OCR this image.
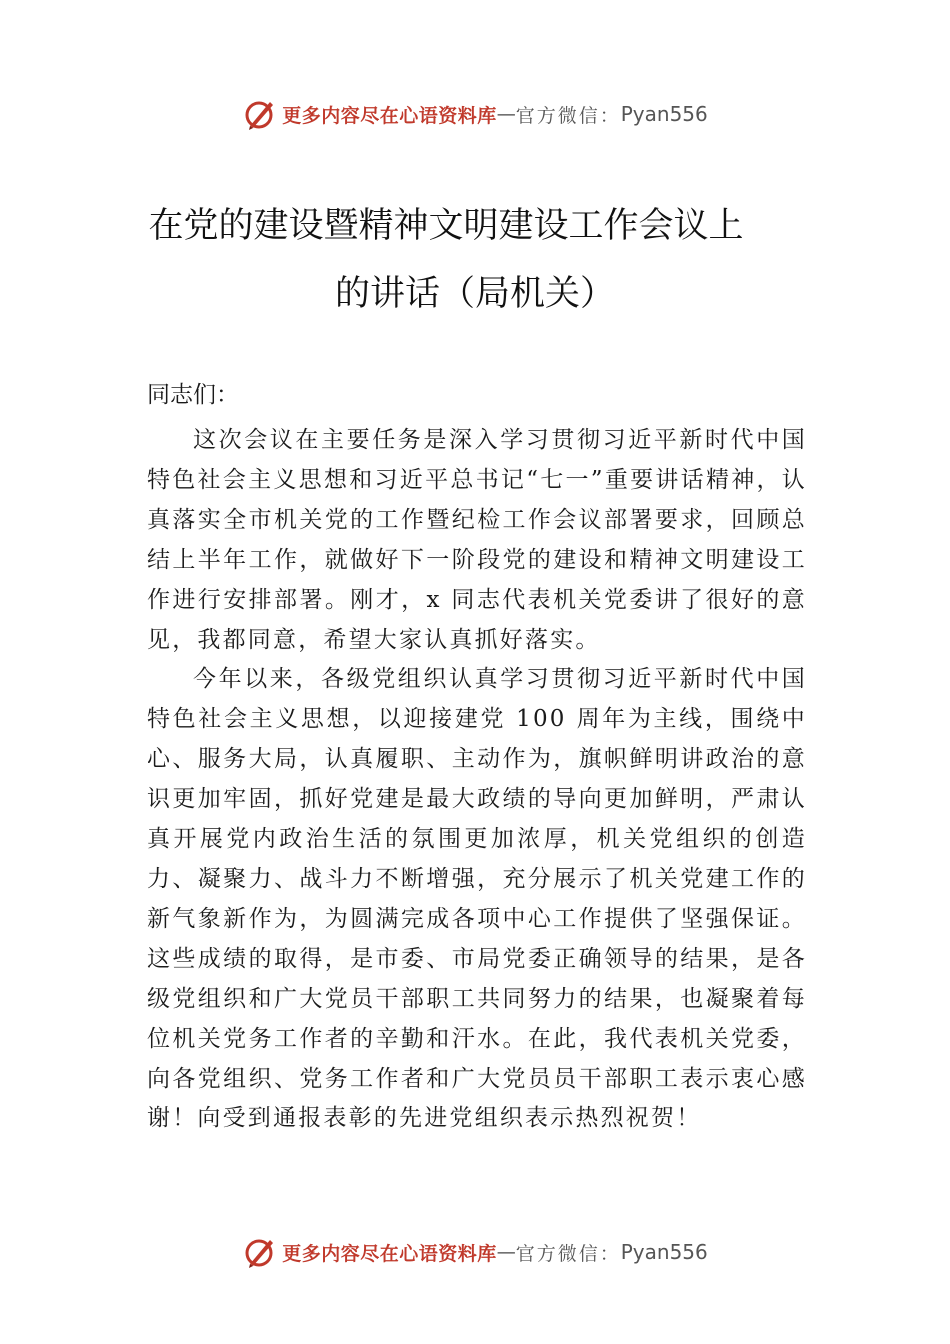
更多内容尽在心语资料库 — 官方微信： Pyan556
在党的建设暨精神文明建设工作会议上
的讲话（局机关）
同志们：

这次会议在主要任务是深入学习贯彻习近平新时代中国特色社会主义思想和习近平总书记“七一”重要讲话精神，认真落实全市机关党的工作暨纪检工作会议部署要求，回顾总结上半年工作，就做好下一阶段党的建设和精神文明建设工作进行安排部署。刚才，x 同志代表机关党委讲了很好的意见，我都同意，希望大家认真抓好落实。

今年以来，各级党组织认真学习贯彻习近平新时代中国特色社会主义思想，以迎接建党 100 周年为主线，围绕中心、服务大局，认真履职、主动作为，旗帜鲜明讲政治的意识更加牢固，抓好党建是最大政绩的导向更加鲜明，严肃认真开展党内政治生活的氛围更加浓厚，机关党组织的创造力、凝聚力、战斗力不断增强，充分展示了机关党建工作的新气象新作为，为圆满完成各项中心工作提供了坚强保证。这些成绩的取得，是市委、市局党委正确领导的结果，是各级党组织和广大党员干部职工共同努力的结果，也凝聚着每位机关党务工作者的辛勤和汗水。在此，我代表机关党委，向各党组织、党务工作者和广大党员员干部职工表示衷心感谢！向受到通报表彰的先进党组织表示热烈祝贺！

更多内容尽在心语资料库 — 官方微信： Pyan556
